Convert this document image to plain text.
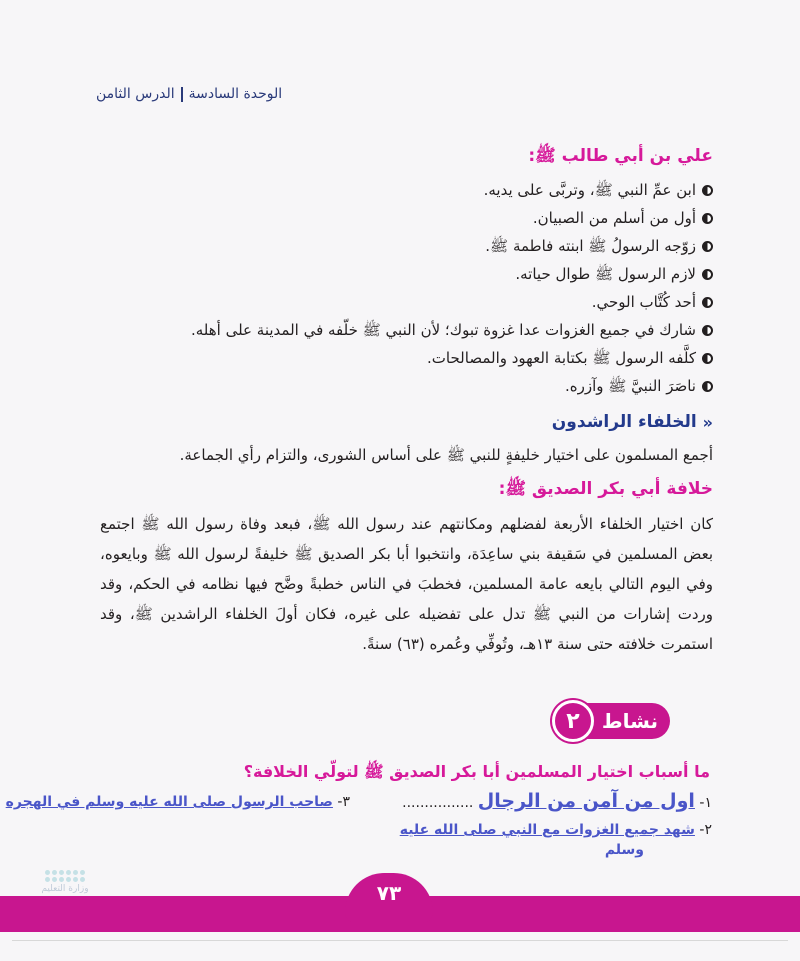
الوحدة السادسةالدرس الثامن
علي بن أبي طالب ﷺ:
ابن عمِّ النبي ﷺ، وتربَّى على يديه.
أول من أسلم من الصبيان.
زوّجه الرسولُ ﷺ ابنته فاطمة ﷺ.
لازم الرسول ﷺ طوال حياته.
أحد كُتَّاب الوحي.
شارك في جميع الغزوات عدا غزوة تبوك؛ لأن النبي ﷺ خلّفه في المدينة على أهله.
كلَّفه الرسول ﷺ بكتابة العهود والمصالحات.
ناصَرَ النبيَّ ﷺ وآزره.
«
الخلفاء الراشدون

أجمع المسلمون على اختيار خليفةٍ للنبي ﷺ على أساس الشورى، والتزام رأي الجماعة.

خلافة أبي بكر الصديق ﷺ:

كان اختيار الخلفاء الأربعة لفضلهم ومكانتهم عند رسول الله ﷺ، فبعد وفاة رسول الله ﷺ اجتمع بعض المسلمين في سَقيفة بني ساعِدَة، وانتخبوا أبا بكر الصديق ﷺ خليفةً لرسول الله ﷺ وبايعوه، وفي اليوم التالي بايعه عامة المسلمين، فخطبَ في الناس خطبةً وضَّح فيها نظامه في الحكم، وقد وردت إشارات من النبي ﷺ تدل على تفضيله على غيره، فكان أولَ الخلفاء الراشدين ﷺ، وقد استمرت خلافته حتى سنة ١٣هـ، وتُوفِّي وعُمره (٦٣) سنةً.

نشاط
٢
ما أسباب اختيار المسلمين أبا بكر الصديق ﷺ لتولّي الخلافة؟
١- اول من آمن من الرجال ................
٣- صاحب الرسول صلى الله عليه وسلم في الهجره
٢- شهد جميع الغزوات مع النبي صلى الله عليه
وسلم
٧٣
وزارة التعليم
